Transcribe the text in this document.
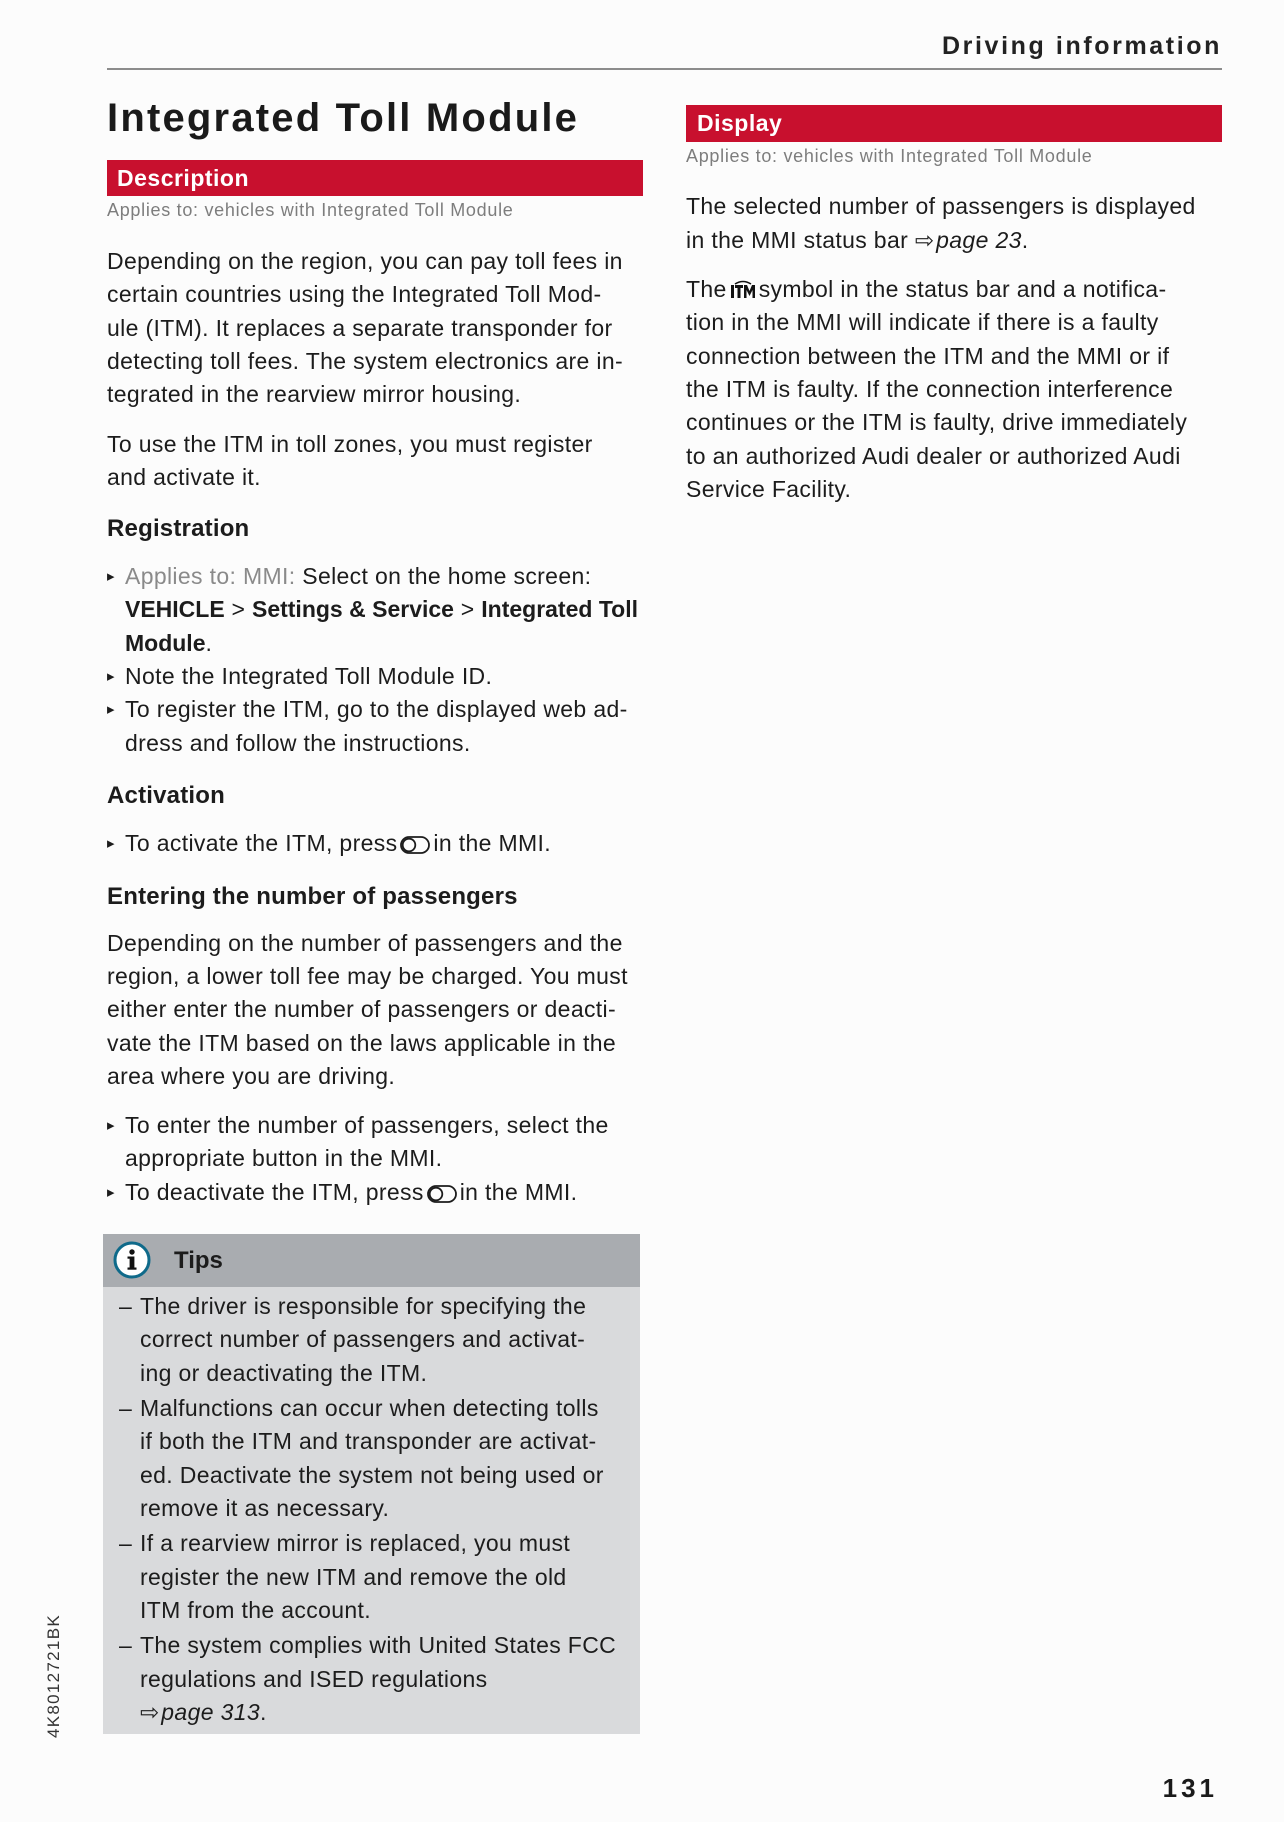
Driving information
Integrated Toll Module
Description
Applies to: vehicles with Integrated Toll Module
Depending on the region, you can pay toll fees in
certain countries using the Integrated Toll Mod-
ule (ITM). It replaces a separate transponder for
detecting toll fees. The system electronics are in-
tegrated in the rearview mirror housing.
To use the ITM in toll zones, you must register
and activate it.
Registration
▸ Applies to: MMI: Select on the home screen:
VEHICLE > Settings & Service > Integrated Toll
Module.
▸ Note the Integrated Toll Module ID.
▸ To register the ITM, go to the displayed web ad-
dress and follow the instructions.
Activation
▸ To activate the ITM, press in the MMI.
Entering the number of passengers
Depending on the number of passengers and the
region, a lower toll fee may be charged. You must
either enter the number of passengers or deacti-
vate the ITM based on the laws applicable in the
area where you are driving.
▸ To enter the number of passengers, select the
appropriate button in the MMI.
▸ To deactivate the ITM, press in the MMI.
Tips
– The driver is responsible for specifying the
correct number of passengers and activat-
ing or deactivating the ITM.
– Malfunctions can occur when detecting tolls
if both the ITM and transponder are activat-
ed. Deactivate the system not being used or
remove it as necessary.
– If a rearview mirror is replaced, you must
register the new ITM and remove the old
ITM from the account.
– The system complies with United States FCC
regulations and ISED regulations
⇨page 313.
Display
Applies to: vehicles with Integrated Toll Module
The selected number of passengers is displayed
in the MMI status bar ⇨page 23.
The symbol in the status bar and a notifica-
tion in the MMI will indicate if there is a faulty
connection between the ITM and the MMI or if
the ITM is faulty. If the connection interference
continues or the ITM is faulty, drive immediately
to an authorized Audi dealer or authorized Audi
Service Facility.
4K8012721BK
131
